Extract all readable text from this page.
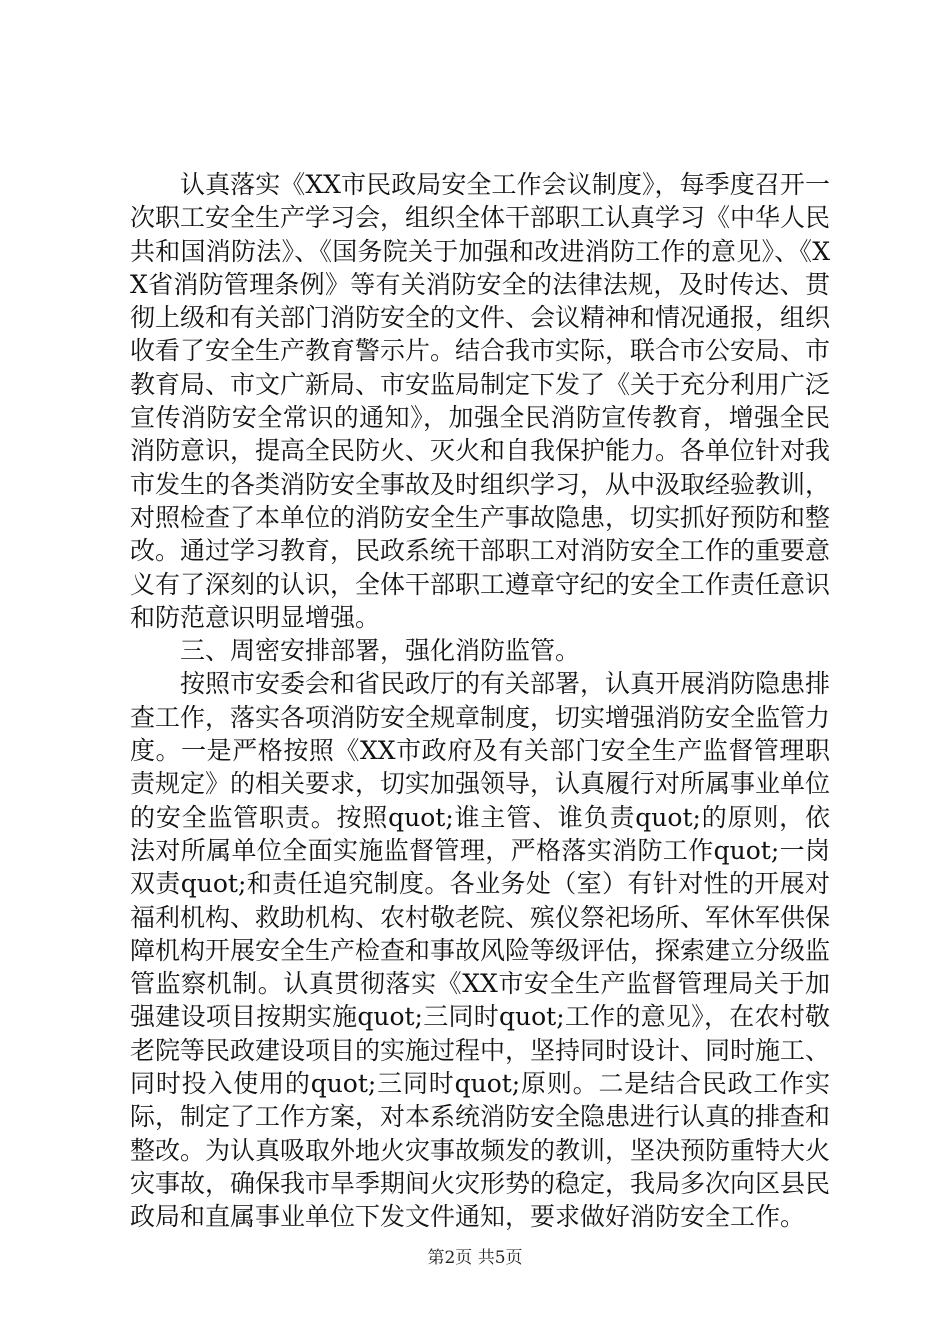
认真落实《XX市民政局安全工作会议制度》，每季度召开一次职工安全生产学习会，组织全体干部职工认真学习《中华人民共和国消防法》、《国务院关于加强和改进消防工作的意见》、《XX省消防管理条例》等有关消防安全的法律法规，及时传达、贯彻上级和有关部门消防安全的文件、会议精神和情况通报，组织收看了安全生产教育警示片。结合我市实际，联合市公安局、市教育局、市文广新局、市安监局制定下发了《关于充分利用广泛宣传消防安全常识的通知》，加强全民消防宣传教育，增强全民消防意识，提高全民防火、灭火和自我保护能力。各单位针对我市发生的各类消防安全事故及时组织学习，从中汲取经验教训，对照检查了本单位的消防安全生产事故隐患，切实抓好预防和整改。通过学习教育，民政系统干部职工对消防安全工作的重要意义有了深刻的认识，全体干部职工遵章守纪的安全工作责任意识和防范意识明显增强。

三、周密安排部署，强化消防监管。

按照市安委会和省民政厅的有关部署，认真开展消防隐患排查工作，落实各项消防安全规章制度，切实增强消防安全监管力度。一是严格按照《XX市政府及有关部门安全生产监督管理职责规定》的相关要求，切实加强领导，认真履行对所属事业单位的安全监管职责。按照quot;谁主管、谁负责quot;的原则，依法对所属单位全面实施监督管理，严格落实消防工作quot;一岗双责quot;和责任追究制度。各业务处（室）有针对性的开展对福利机构、救助机构、农村敬老院、殡仪祭祀场所、军休军供保障机构开展安全生产检查和事故风险等级评估，探索建立分级监管监察机制。认真贯彻落实《XX市安全生产监督管理局关于加强建设项目按期实施quot;三同时quot;工作的意见》，在农村敬老院等民政建设项目的实施过程中，坚持同时设计、同时施工、同时投入使用的quot;三同时quot;原则。二是结合民政工作实际，制定了工作方案，对本系统消防安全隐患进行认真的排查和整改。为认真吸取外地火灾事故频发的教训，坚决预防重特大火灾事故，确保我市旱季期间火灾形势的稳定，我局多次向区县民政局和直属事业单位下发文件通知，要求做好消防安全工作。

第2页 共5页
